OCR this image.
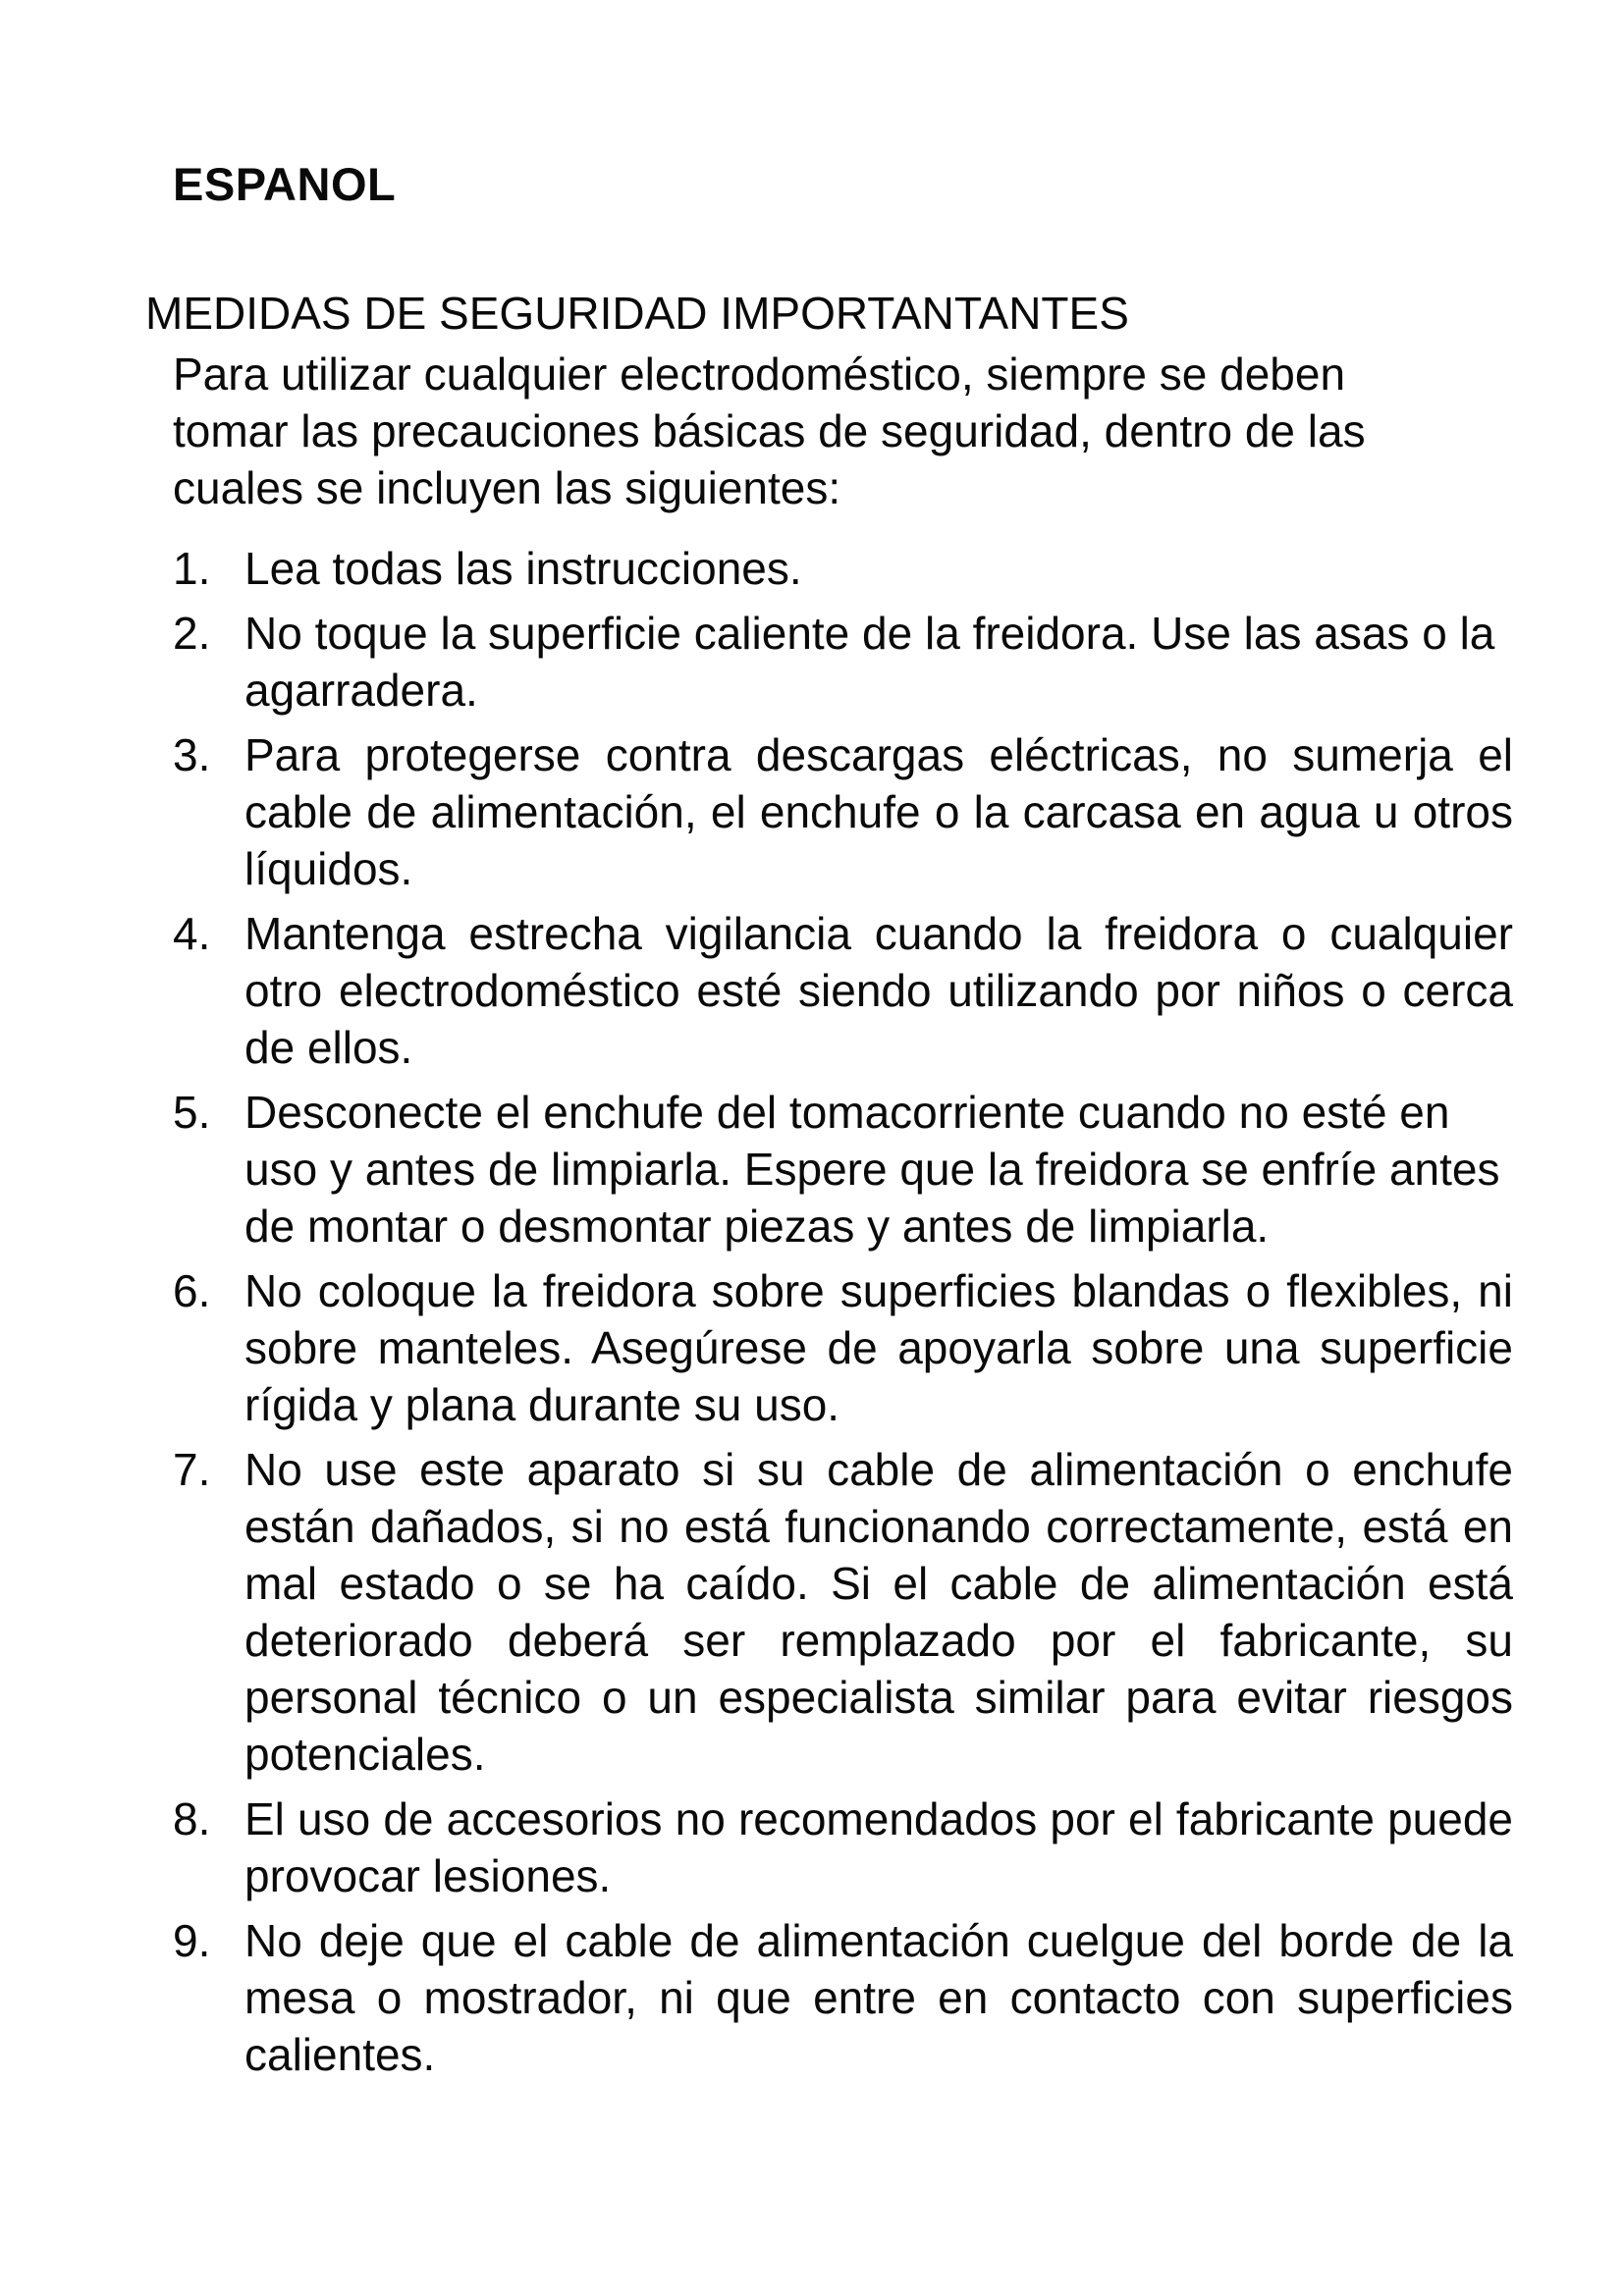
ESPANOL
MEDIDAS DE SEGURIDAD IMPORTANTANTES

Para utilizar cualquier electrodoméstico, siempre se deben tomar las precauciones básicas de seguridad, dentro de las cuales se incluyen las siguientes:

1. Lea todas las instrucciones.
2. No toque la superficie caliente de la freidora. Use las asas o la agarradera.
3. Para protegerse contra descargas eléctricas, no sumerja el cable de alimentación, el enchufe o la carcasa en agua u otros líquidos.
4. Mantenga estrecha vigilancia cuando la freidora o cualquier otro electrodoméstico esté siendo utilizando por niños o cerca de ellos.
5. Desconecte el enchufe del tomacorriente cuando no esté en uso y antes de limpiarla. Espere que la freidora se enfríe antes de montar o desmontar piezas y antes de limpiarla.
6. No coloque la freidora sobre superficies blandas o flexibles, ni sobre manteles. Asegúrese de apoyarla sobre una superficie rígida y plana durante su uso.
7. No use este aparato si su cable de alimentación o enchufe están dañados, si no está funcionando correctamente, está en mal estado o se ha caído. Si el cable de alimentación está deteriorado deberá ser remplazado por el fabricante, su personal técnico o un especialista similar para evitar riesgos potenciales.
8. El uso de accesorios no recomendados por el fabricante puede provocar lesiones.
9. No deje que el cable de alimentación cuelgue del borde de la mesa o mostrador, ni que entre en contacto con superficies calientes.
